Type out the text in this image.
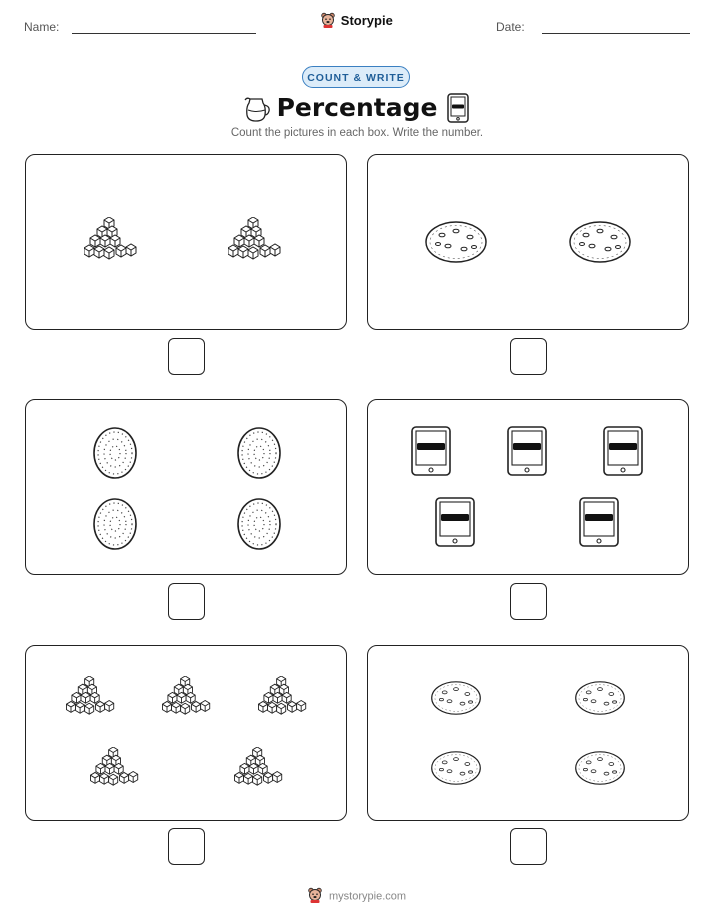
Name:	Storypie	Date:
COUNT & WRITE
Percentage
Count the pictures in each box. Write the number.
mystorypie.com
